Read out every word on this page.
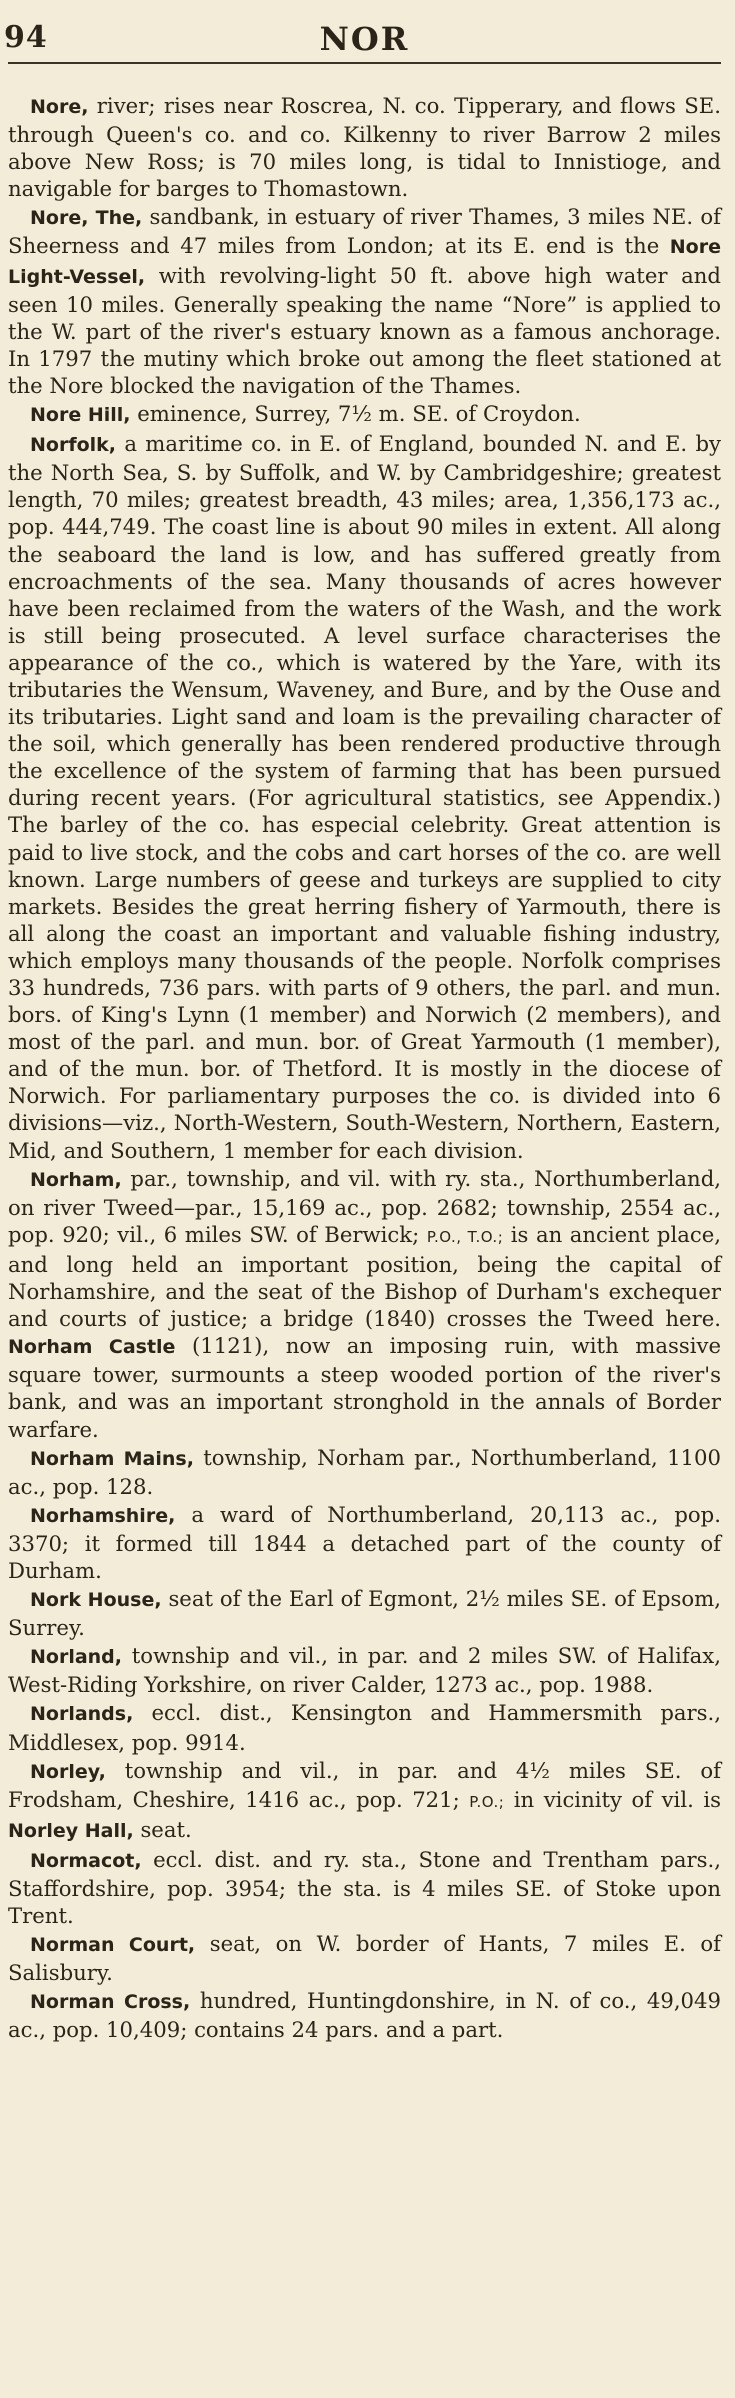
94	NOR

Nore, river; rises near Roscrea, N. co. Tipperary, and flows SE. through Queen's co. and co. Kilkenny to river Barrow 2 miles above New Ross; is 70 miles long, is tidal to Innistioge, and navigable for barges to Thomastown.

Nore, The, sandbank, in estuary of river Thames, 3 miles NE. of Sheerness and 47 miles from London; at its E. end is the Nore Light-Vessel, with revolving-light 50 ft. above high water and seen 10 miles. Generally speaking the name “Nore” is applied to the W. part of the river's estuary known as a famous anchorage. In 1797 the mutiny which broke out among the fleet stationed at the Nore blocked the navigation of the Thames.

Nore Hill, eminence, Surrey, 7½ m. SE. of Croydon.

Norfolk, a maritime co. in E. of England, bounded N. and E. by the North Sea, S. by Suffolk, and W. by Cambridgeshire; greatest length, 70 miles; greatest breadth, 43 miles; area, 1,356,173 ac., pop. 444,749. The coast line is about 90 miles in extent. All along the seaboard the land is low, and has suffered greatly from encroachments of the sea. Many thousands of acres however have been reclaimed from the waters of the Wash, and the work is still being prosecuted. A level surface characterises the appearance of the co., which is watered by the Yare, with its tributaries the Wensum, Waveney, and Bure, and by the Ouse and its tributaries. Light sand and loam is the prevailing character of the soil, which generally has been rendered productive through the excellence of the system of farming that has been pursued during recent years. (For agricultural statistics, see Appendix.) The barley of the co. has especial celebrity. Great attention is paid to live stock, and the cobs and cart horses of the co. are well known. Large numbers of geese and turkeys are supplied to city markets. Besides the great herring fishery of Yarmouth, there is all along the coast an important and valuable fishing industry, which employs many thousands of the people. Norfolk comprises 33 hundreds, 736 pars. with parts of 9 others, the parl. and mun. bors. of King's Lynn (1 member) and Norwich (2 members), and most of the parl. and mun. bor. of Great Yarmouth (1 member), and of the mun. bor. of Thetford. It is mostly in the diocese of Norwich. For parliamentary purposes the co. is divided into 6 divisions—viz., North-Western, South-Western, Northern, Eastern, Mid, and Southern, 1 member for each division.

Norham, par., township, and vil. with ry. sta., Northumberland, on river Tweed—par., 15,169 ac., pop. 2682; township, 2554 ac., pop. 920; vil., 6 miles SW. of Berwick; P.O., T.O.; is an ancient place, and long held an important position, being the capital of Norhamshire, and the seat of the Bishop of Durham's exchequer and courts of justice; a bridge (1840) crosses the Tweed here. Norham Castle (1121), now an imposing ruin, with massive square tower, surmounts a steep wooded portion of the river's bank, and was an important stronghold in the annals of Border warfare.

Norham Mains, township, Norham par., Northumberland, 1100 ac., pop. 128.

Norhamshire, a ward of Northumberland, 20,113 ac., pop. 3370; it formed till 1844 a detached part of the county of Durham.

Nork House, seat of the Earl of Egmont, 2½ miles SE. of Epsom, Surrey.

Norland, township and vil., in par. and 2 miles SW. of Halifax, West-Riding Yorkshire, on river Calder, 1273 ac., pop. 1988.

Norlands, eccl. dist., Kensington and Hammersmith pars., Middlesex, pop. 9914.

Norley, township and vil., in par. and 4½ miles SE. of Frodsham, Cheshire, 1416 ac., pop. 721; P.O.; in vicinity of vil. is Norley Hall, seat.

Normacot, eccl. dist. and ry. sta., Stone and Trentham pars., Staffordshire, pop. 3954; the sta. is 4 miles SE. of Stoke upon Trent.

Norman Court, seat, on W. border of Hants, 7 miles E. of Salisbury.

Norman Cross, hundred, Huntingdonshire, in N. of co., 49,049 ac., pop. 10,409; contains 24 pars. and a part.
